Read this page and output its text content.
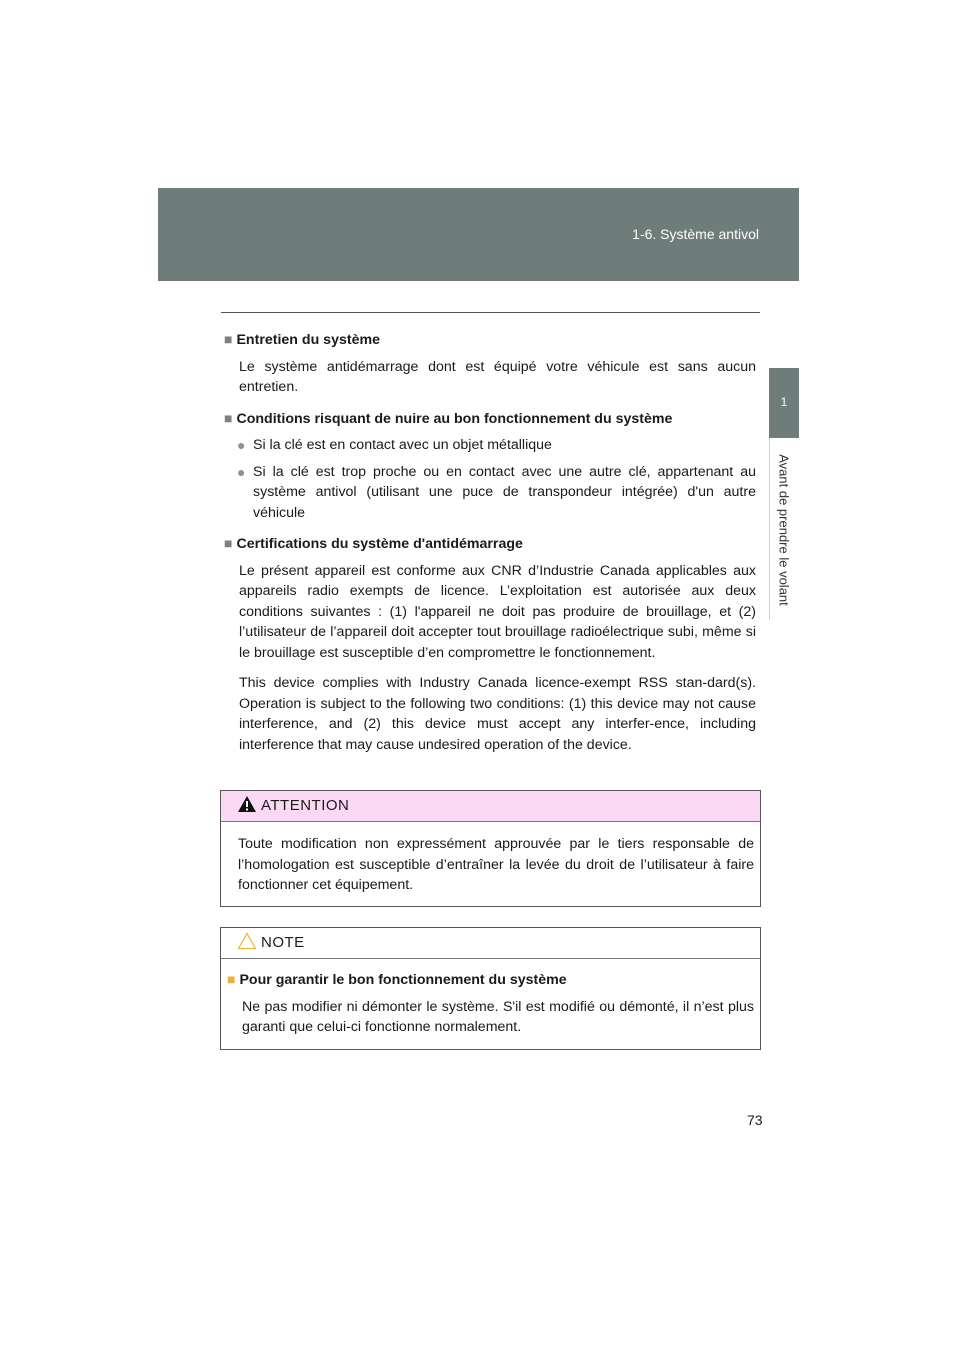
1-6. Système antivol
1
Avant de prendre le volant

■ Entretien du système

Le système antidémarrage dont est équipé votre véhicule est sans aucun entretien.

■ Conditions risquant de nuire au bon fonctionnement du système

● Si la clé est en contact avec un objet métallique
● Si la clé est trop proche ou en contact avec une autre clé, appartenant au système antivol (utilisant une puce de transpondeur intégrée) d'un autre véhicule

■ Certifications du système d'antidémarrage

Le présent appareil est conforme aux CNR d’Industrie Canada applicables aux appareils radio exempts de licence. L’exploitation est autorisée aux deux conditions suivantes : (1) l'appareil ne doit pas produire de brouillage, et (2) l’utilisateur de l’appareil doit accepter tout brouillage radioélectrique subi, même si le brouillage est susceptible d’en compromettre le fonctionnement.

This device complies with Industry Canada licence-exempt RSS stan-dard(s). Operation is subject to the following two conditions: (1) this device may not cause interference, and (2) this device must accept any interfer-ence, including interference that may cause undesired operation of the device.

ATTENTION
Toute modification non expressément approuvée par le tiers responsable de l’homologation est susceptible d’entraîner la levée du droit de l’utilisateur à faire fonctionner cet équipement.
NOTE

■ Pour garantir le bon fonctionnement du système

Ne pas modifier ni démonter le système. S'il est modifié ou démonté, il n’est plus garanti que celui-ci fonctionne normalement.

73
